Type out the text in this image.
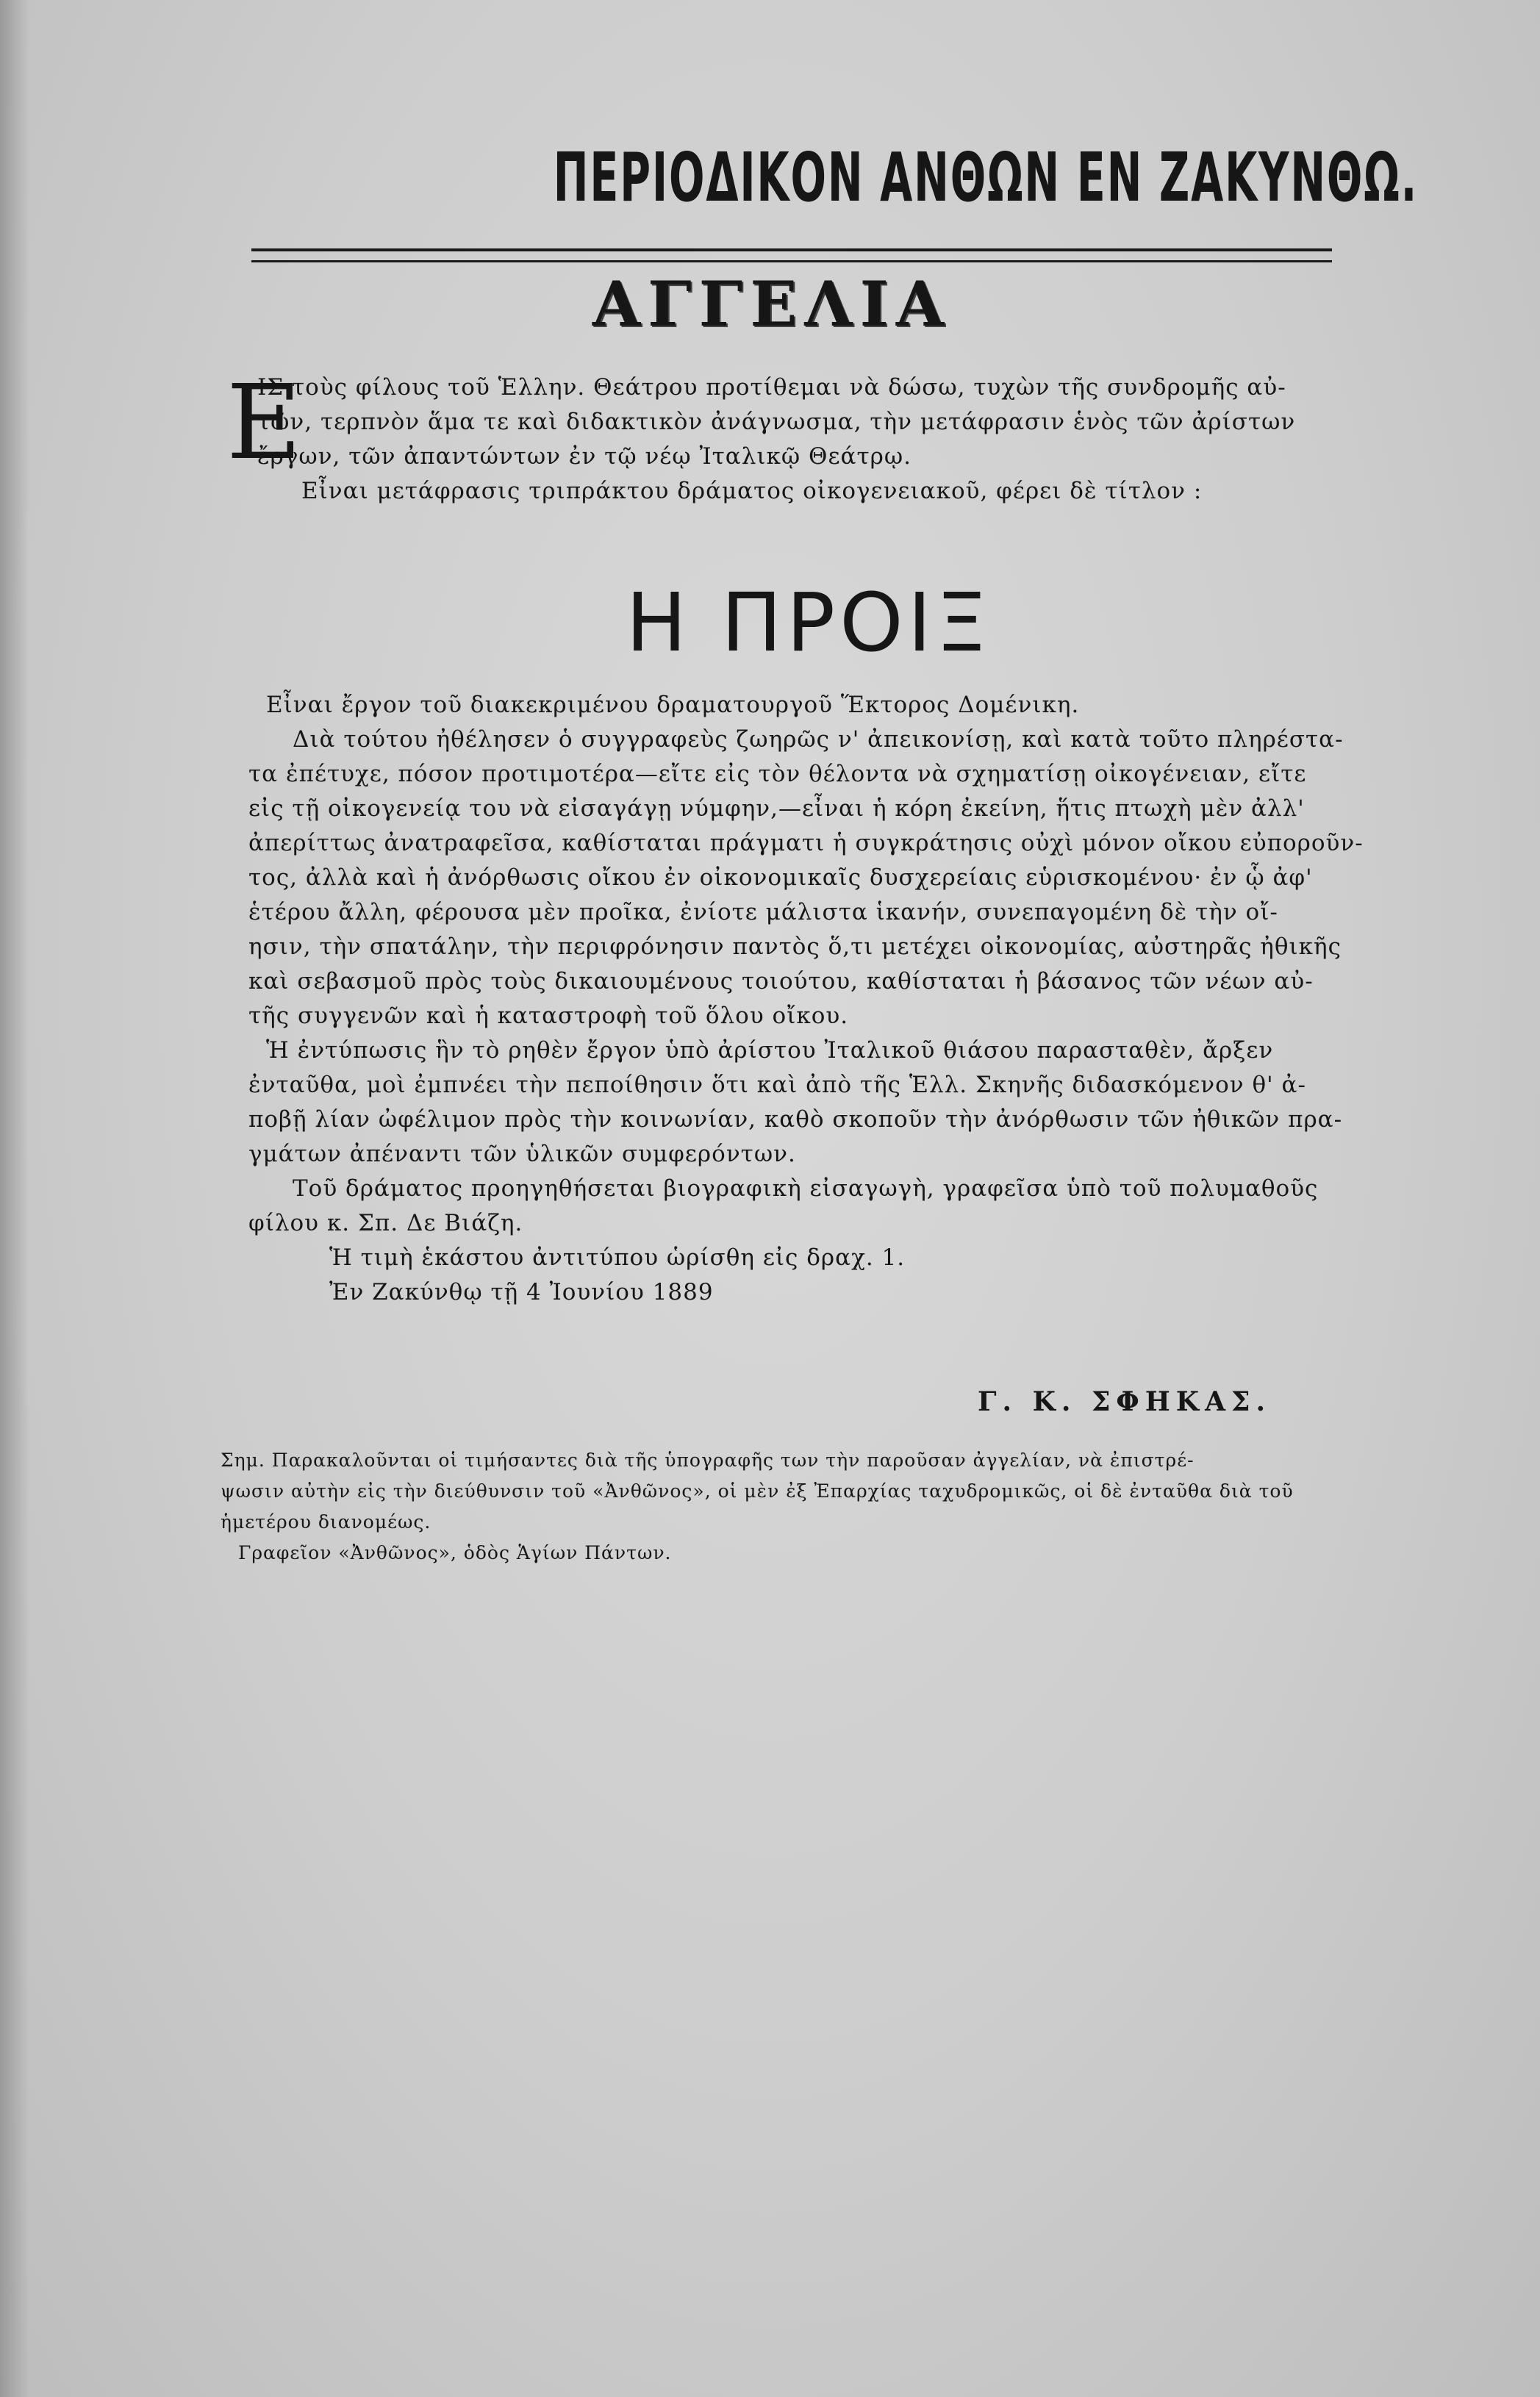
ΠΕΡΙΟΔΙΚΟΝ ΑΝΘΩΝ ΕΝ ΖΑΚΥΝΘΩ.
ΑΓΓΕΛΙΑ
Ε
ΙΣ τοὺς φίλους τοῦ Ἑλλην. Θεάτρου προτίθεμαι νὰ δώσω, τυχὼν τῆς συνδρομῆς αὐ-
τῶν, τερπνὸν ἅμα τε καὶ διδακτικὸν ἀνάγνωσμα, τὴν μετάφρασιν ἑνὸς τῶν ἀρίστων
ἔργων, τῶν ἀπαντώντων ἐν τῷ νέῳ Ἰταλικῷ Θεάτρῳ.
Εἶναι μετάφρασις τριπράκτου δράματος οἰκογενειακοῦ, φέρει δὲ τίτλον :
Η ΠΡΟΙΞ
Εἶναι ἔργον τοῦ διακεκριμένου δραματουργοῦ Ἕκτορος Δομένικη.
Διὰ τούτου ἠθέλησεν ὁ συγγραφεὺς ζωηρῶς ν' ἀπεικονίσῃ, καὶ κατὰ τοῦτο πληρέστα-
τα ἐπέτυχε, πόσον προτιμοτέρα—εἴτε εἰς τὸν θέλοντα νὰ σχηματίσῃ οἰκογένειαν, εἴτε
εἰς τῇ οἰκογενείᾳ του νὰ εἰσαγάγῃ νύμφην,—εἶναι ἡ κόρη ἐκείνη, ἥτις πτωχὴ μὲν ἀλλ'
ἀπερίττως ἀνατραφεῖσα, καθίσταται πράγματι ἡ συγκράτησις οὐχὶ μόνον οἴκου εὐπορoῦν-
τος, ἀλλὰ καὶ ἡ ἀνόρθωσις οἴκου ἐν οἰκονομικαῖς δυσχερείαις εὑρισκομένου· ἐν ᾧ ἀφ'
ἑτέρου ἄλλη, φέρουσα μὲν προῖκα, ἐνίοτε μάλιστα ἱκανήν, συνεπαγομένη δὲ τὴν οἴ-
ησιν, τὴν σπατάλην, τὴν περιφρόνησιν παντὸς ὅ,τι μετέχει οἰκονομίας, αὐστηρᾶς ἠθικῆς
καὶ σεβασμοῦ πρὸς τοὺς δικαιουμένους τοιούτου, καθίσταται ἡ βάσανος τῶν νέων αὐ-
τῆς συγγενῶν καὶ ἡ καταστροφὴ τοῦ ὅλου οἴκου.
Ἡ ἐντύπωσις ἣν τὸ ρηθὲν ἔργον ὑπὸ ἀρίστου Ἰταλικοῦ θιάσου παρασταθὲν, ἄρξεν
ἐνταῦθα, μοὶ ἐμπνέει τὴν πεποίθησιν ὅτι καὶ ἀπὸ τῆς Ἑλλ. Σκηνῆς διδασκόμενον θ' ἀ-
ποβῇ λίαν ὠφέλιμον πρὸς τὴν κοινωνίαν, καθὸ σκοποῦν τὴν ἀνόρθωσιν τῶν ἠθικῶν πρα-
γμάτων ἀπέναντι τῶν ὑλικῶν συμφερόντων.
Τοῦ δράματος προηγηθήσεται βιογραφικὴ εἰσαγωγὴ, γραφεῖσα ὑπὸ τοῦ πολυμαθοῦς
φίλου κ. Σπ. Δε Βιάζη.
Ἡ τιμὴ ἑκάστου ἀντιτύπου ὡρίσθη εἰς δραχ. 1.
Ἐν Ζακύνθῳ τῇ 4 Ἰουνίου 1889
Γ. Κ. ΣΦΗΚΑΣ.
Σημ. Παρακαλοῦνται οἱ τιμήσαντες διὰ τῆς ὑπογραφῆς των τὴν παροῦσαν ἀγγελίαν, νὰ ἐπιστρέ-
ψωσιν αὐτὴν εἰς τὴν διεύθυνσιν τοῦ «Ἀνθῶνος», οἱ μὲν ἐξ Ἐπαρχίας ταχυδρομικῶς, οἱ δὲ ἐνταῦθα διὰ τοῦ ἡμετέρου διανομέως.
Γραφεῖον «Ἀνθῶνος», ὁδὸς Ἁγίων Πάντων.
